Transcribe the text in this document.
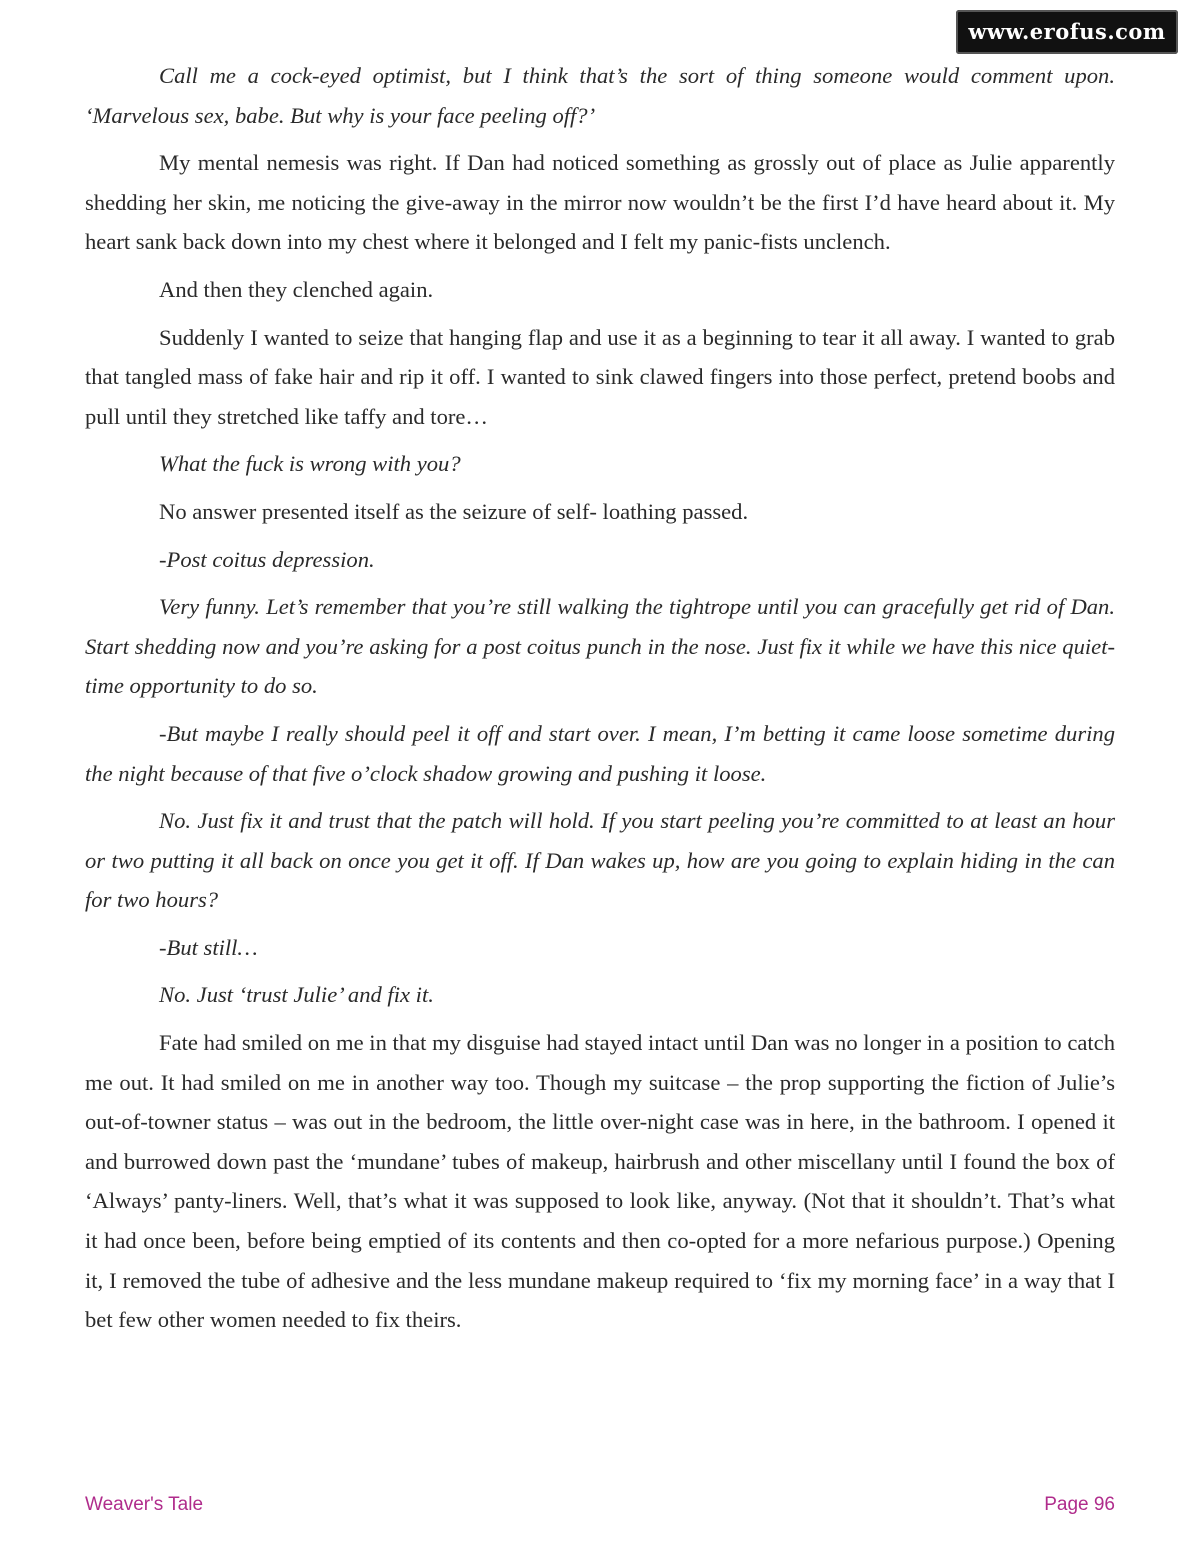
www.erofus.com

Call me a cock-eyed optimist, but I think that’s the sort of thing someone would comment upon. ‘Marvelous sex, babe. But why is your face peeling off?’

My mental nemesis was right. If Dan had noticed something as grossly out of place as Julie apparently shedding her skin, me noticing the give-away in the mirror now wouldn’t be the first I’d have heard about it. My heart sank back down into my chest where it belonged and I felt my panic-fists unclench.

And then they clenched again.

Suddenly I wanted to seize that hanging flap and use it as a beginning to tear it all away. I wanted to grab that tangled mass of fake hair and rip it off. I wanted to sink clawed fingers into those perfect, pretend boobs and pull until they stretched like taffy and tore…

What the fuck is wrong with you?

No answer presented itself as the seizure of self- loathing passed.

-Post coitus depression.

Very funny. Let’s remember that you’re still walking the tightrope until you can gracefully get rid of Dan. Start shedding now and you’re asking for a post coitus punch in the nose. Just fix it while we have this nice quiet-time opportunity to do so.

-But maybe I really should peel it off and start over. I mean, I’m betting it came loose sometime during the night because of that five o’clock shadow growing and pushing it loose.

No. Just fix it and trust that the patch will hold. If you start peeling you’re committed to at least an hour or two putting it all back on once you get it off. If Dan wakes up, how are you going to explain hiding in the can for two hours?

-But still…

No. Just ‘trust Julie’ and fix it.

Fate had smiled on me in that my disguise had stayed intact until Dan was no longer in a position to catch me out. It had smiled on me in another way too. Though my suitcase – the prop supporting the fiction of Julie’s out-of-towner status – was out in the bedroom, the little over-night case was in here, in the bathroom. I opened it and burrowed down past the ‘mundane’ tubes of makeup, hairbrush and other miscellany until I found the box of ‘Always’ panty-liners. Well, that’s what it was supposed to look like, anyway. (Not that it shouldn’t. That’s what it had once been, before being emptied of its contents and then co-opted for a more nefarious purpose.) Opening it, I removed the tube of adhesive and the less mundane makeup required to ‘fix my morning face’ in a way that I bet few other women needed to fix theirs.

Weaver's Tale	Page 96
